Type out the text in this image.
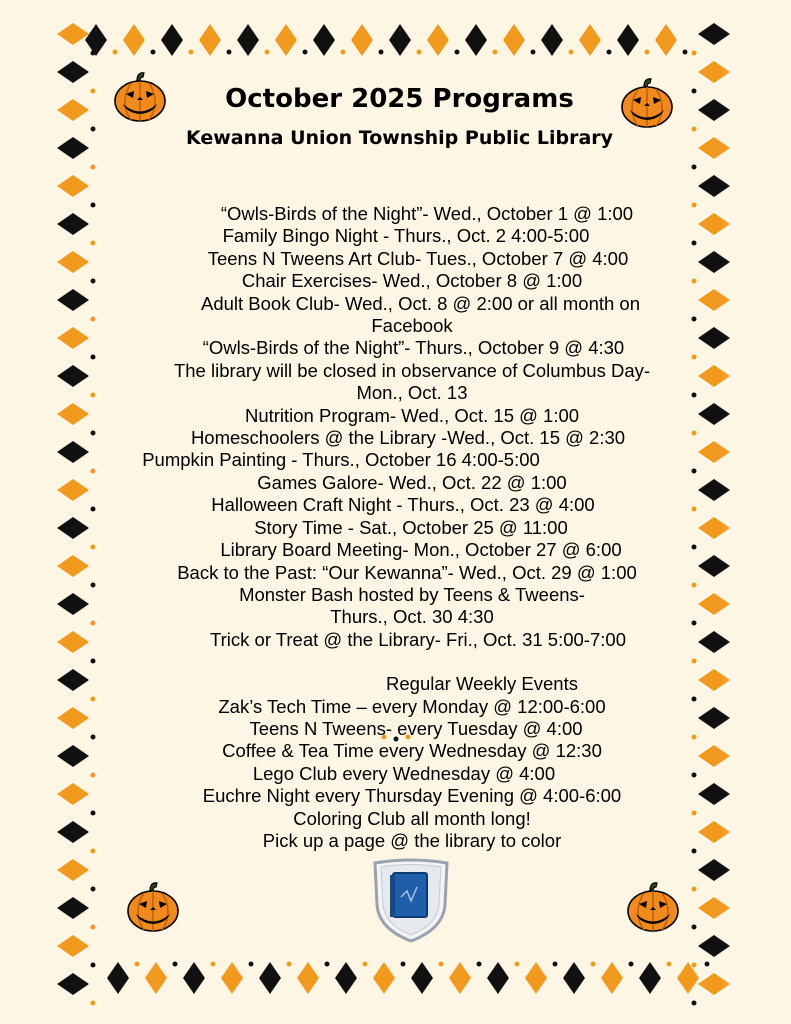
October 2025 Programs
Kewanna Union Township Public Library
“Owls-Birds of the Night”- Wed., October 1 @ 1:00
Family Bingo Night - Thurs., Oct. 2 4:00-5:00
Teens N Tweens Art Club- Tues., October 7 @ 4:00
Chair Exercises- Wed., October 8 @ 1:00
Adult Book Club- Wed., Oct. 8 @ 2:00 or all month on
Facebook
“Owls-Birds of the Night”- Thurs., October 9 @ 4:30
The library will be closed in observance of Columbus Day-
Mon., Oct. 13
Nutrition Program- Wed., Oct. 15 @ 1:00
Homeschoolers @ the Library -Wed., Oct. 15 @ 2:30
Pumpkin Painting - Thurs., October 16 4:00-5:00
Games Galore- Wed., Oct. 22 @ 1:00
Halloween Craft Night - Thurs., Oct. 23 @ 4:00
Story Time - Sat., October 25 @ 11:00
Library Board Meeting- Mon., October 27 @ 6:00
Back to the Past: “Our Kewanna”- Wed., Oct. 29 @ 1:00
Monster Bash hosted by Teens & Tweens-
Thurs., Oct. 30 4:30
Trick or Treat @ the Library- Fri., Oct. 31 5:00-7:00
Regular Weekly Events
Zak’s Tech Time – every Monday @ 12:00-6:00
Teens N Tweens- every Tuesday @ 4:00
Coffee & Tea Time every Wednesday @ 12:30
Lego Club every Wednesday @ 4:00
Euchre Night every Thursday Evening @ 4:00-6:00
Coloring Club all month long!
Pick up a page @ the library to color
